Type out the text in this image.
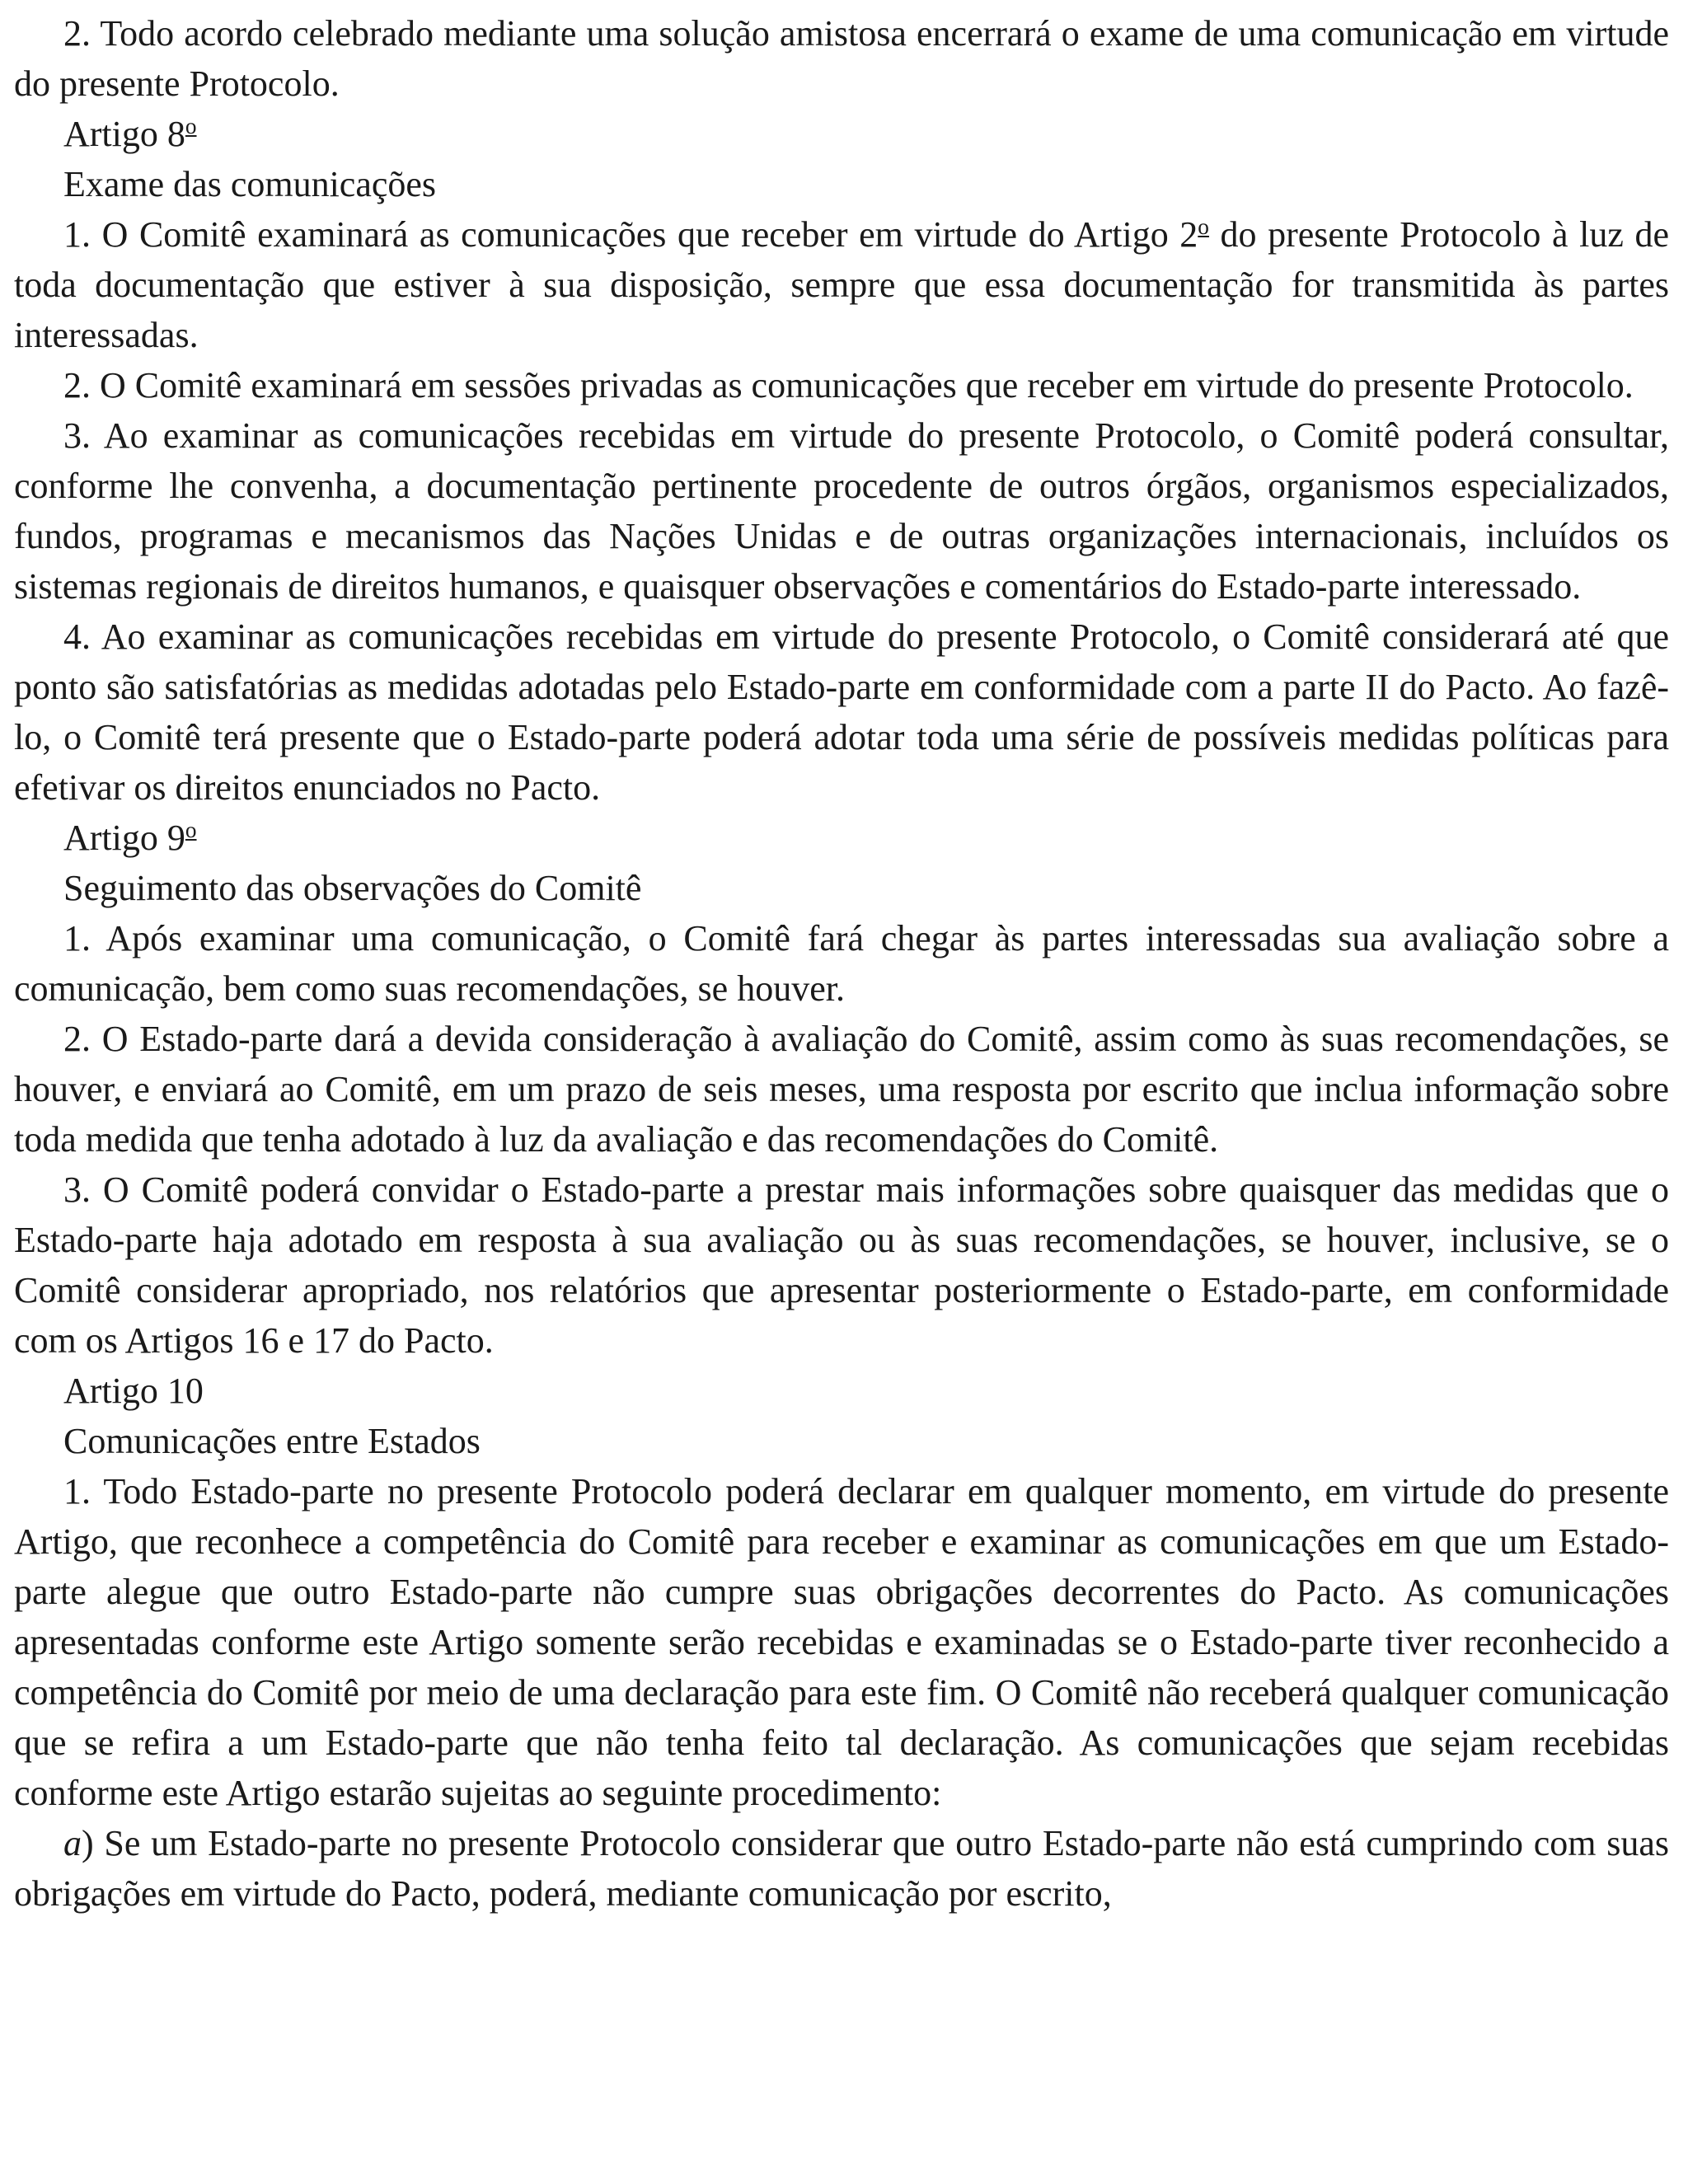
2. Todo acordo celebrado mediante uma solução amistosa encerrará o exame de uma comunicação em virtude do presente Protocolo.

Artigo 8$^o$

Exame das comunicações

1. O Comitê examinará as comunicações que receber em virtude do Artigo 2$^o$ do presente Protocolo à luz de toda documentação que estiver à sua disposição, sempre que essa documentação for transmitida às partes interessadas.

2. O Comitê examinará em sessões privadas as comunicações que receber em virtude do presente Protocolo.

3. Ao examinar as comunicações recebidas em virtude do presente Protocolo, o Comitê poderá consultar, conforme lhe convenha, a documentação pertinente procedente de outros órgãos, organismos especializados, fundos, programas e mecanismos das Nações Unidas e de outras organizações internacionais, incluídos os sistemas regionais de direitos humanos, e quaisquer observações e comentários do Estado-parte interessado.

4. Ao examinar as comunicações recebidas em virtude do presente Protocolo, o Comitê considerará até que ponto são satisfatórias as medidas adotadas pelo Estado-parte em conformidade com a parte II do Pacto. Ao fazê-lo, o Comitê terá presente que o Estado-parte poderá adotar toda uma série de possíveis medidas políticas para efetivar os direitos enunciados no Pacto.

Artigo 9$^o$

Seguimento das observações do Comitê

1. Após examinar uma comunicação, o Comitê fará chegar às partes interessadas sua avaliação sobre a comunicação, bem como suas recomendações, se houver.

2. O Estado-parte dará a devida consideração à avaliação do Comitê, assim como às suas recomendações, se houver, e enviará ao Comitê, em um prazo de seis meses, uma resposta por escrito que inclua informação sobre toda medida que tenha adotado à luz da avaliação e das recomendações do Comitê.

3. O Comitê poderá convidar o Estado-parte a prestar mais informações sobre quaisquer das medidas que o Estado-parte haja adotado em resposta à sua avaliação ou às suas recomendações, se houver, inclusive, se o Comitê considerar apropriado, nos relatórios que apresentar posteriormente o Estado-parte, em conformidade com os Artigos 16 e 17 do Pacto.

Artigo 10

Comunicações entre Estados

1. Todo Estado-parte no presente Protocolo poderá declarar em qualquer momento, em virtude do presente Artigo, que reconhece a competência do Comitê para receber e examinar as comunicações em que um Estado-parte alegue que outro Estado-parte não cumpre suas obrigações decorrentes do Pacto. As comunicações apresentadas conforme este Artigo somente serão recebidas e examinadas se o Estado-parte tiver reconhecido a competência do Comitê por meio de uma declaração para este fim. O Comitê não receberá qualquer comunicação que se refira a um Estado-parte que não tenha feito tal declaração. As comunicações que sejam recebidas conforme este Artigo estarão sujeitas ao seguinte procedimento:

a) Se um Estado-parte no presente Protocolo considerar que outro Estado-parte não está cumprindo com suas obrigações em virtude do Pacto, poderá, mediante comunicação por escrito,
